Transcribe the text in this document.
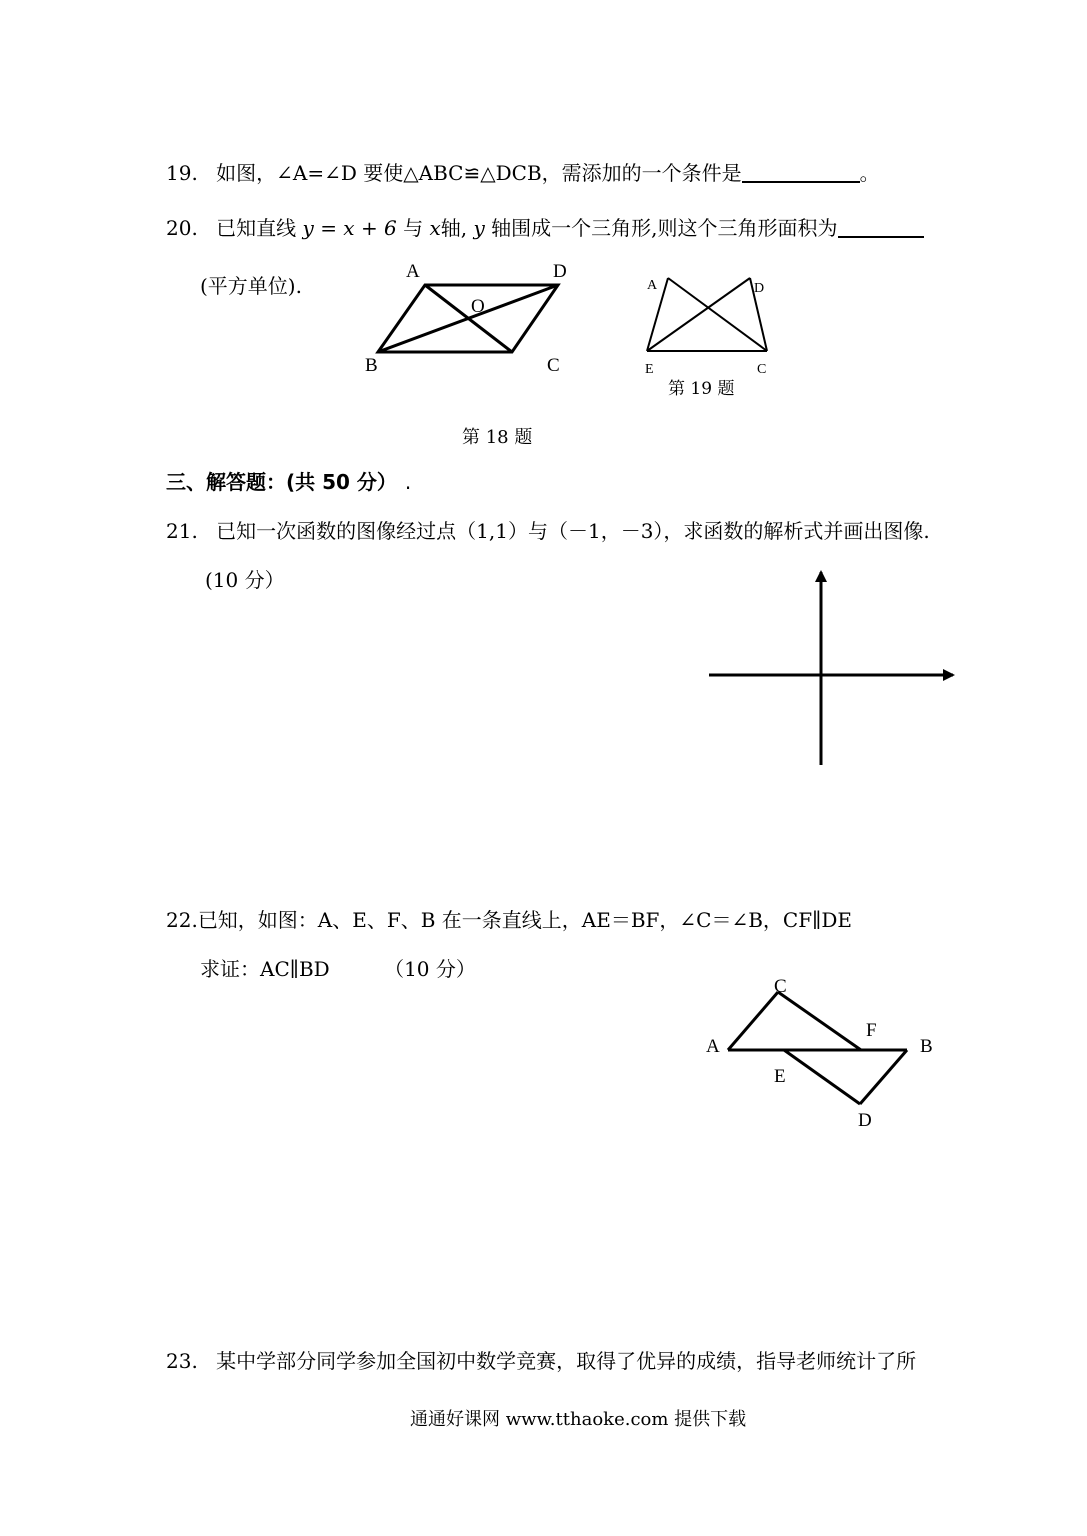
19. 如图，∠A=∠D 要使△ABC≌△DCB，需添加的一个条件是	。
20. 已知直线 y = x + 6 与 x轴, y 轴围成一个三角形,则这个三角形面积为
(平方单位).
A	D
O
B	C
第 18 题
A	D
E	C
第 19 题
三、解答题：(共 50 分） .
21. 已知一次函数的图像经过点（1,1）与（－1，－3），求函数的解析式并画出图像.
(10 分）
22.已知，如图：A、E、F、B 在一条直线上，AE＝BF，∠C＝∠B，CF∥DE
求证：AC∥BD	（10 分）
C
F
A	B
E
D
23. 某中学部分同学参加全国初中数学竞赛，取得了优异的成绩，指导老师统计了所
通通好课网 www.tthaoke.com 提供下载
